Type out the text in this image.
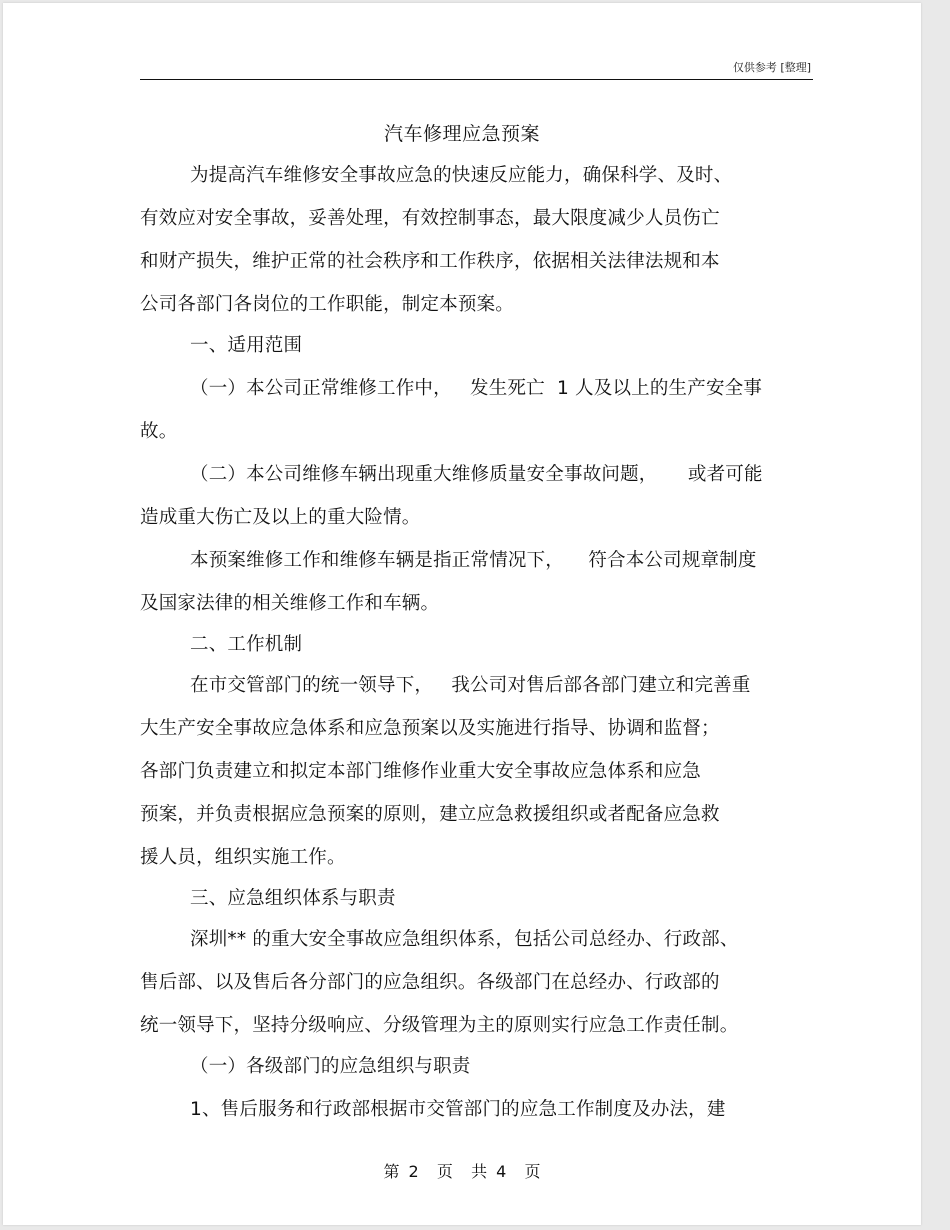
仅供参考 [整理]
汽车修理应急预案
为提高汽车维修安全事故应急的快速反应能力，确保科学、及时、
有效应对安全事故，妥善处理，有效控制事态，最大限度减少人员伤亡
和财产损失，维护正常的社会秩序和工作秩序，依据相关法律法规和本
公司各部门各岗位的工作职能，制定本预案。
一、适用范围
（一）本公司正常维修工作中，   发生死亡  1 人及以上的生产安全事
故。
（二）本公司维修车辆出现重大维修质量安全事故问题，     或者可能
造成重大伤亡及以上的重大险情。
本预案维修工作和维修车辆是指正常情况下，    符合本公司规章制度
及国家法律的相关维修工作和车辆。
二、工作机制
在市交管部门的统一领导下，   我公司对售后部各部门建立和完善重
大生产安全事故应急体系和应急预案以及实施进行指导、协调和监督；
各部门负责建立和拟定本部门维修作业重大安全事故应急体系和应急
预案，并负责根据应急预案的原则，建立应急救援组织或者配备应急救
援人员，组织实施工作。
三、应急组织体系与职责
深圳** 的重大安全事故应急组织体系，包括公司总经办、行政部、
售后部、以及售后各分部门的应急组织。各级部门在总经办、行政部的
统一领导下，坚持分级响应、分级管理为主的原则实行应急工作责任制。
（一）各级部门的应急组织与职责
1、售后服务和行政部根据市交管部门的应急工作制度及办法，建
第 2  页  共 4  页
